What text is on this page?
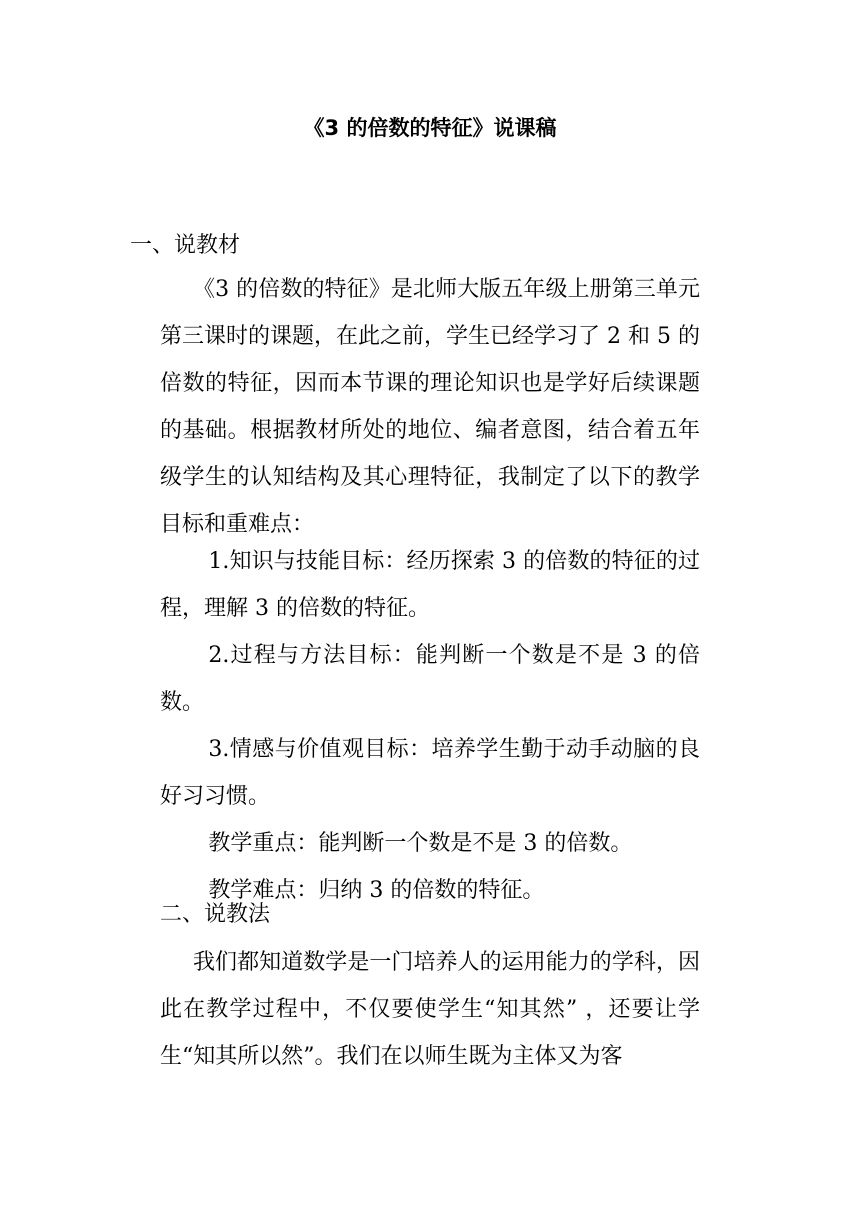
《3 的倍数的特征》说课稿
一、说教材
《3 的倍数的特征》是北师大版五年级上册第三单元第三课时的课题，在此之前，学生已经学习了 2 和 5 的倍数的特征，因而本节课的理论知识也是学好后续课题的基础。根据教材所处的地位、编者意图，结合着五年级学生的认知结构及其心理特征，我制定了以下的教学目标和重难点：
1.知识与技能目标：经历探索 3 的倍数的特征的过程，理解 3 的倍数的特征。
2.过程与方法目标：能判断一个数是不是 3 的倍数。
3.情感与价值观目标：培养学生勤于动手动脑的良好习习惯。
教学重点：能判断一个数是不是 3 的倍数。
教学难点：归纳 3 的倍数的特征。
二、说教法
我们都知道数学是一门培养人的运用能力的学科，因此在教学过程中，不仅要使学生“知其然” ，还要让学生“知其所以然”。我们在以师生既为主体又为客
